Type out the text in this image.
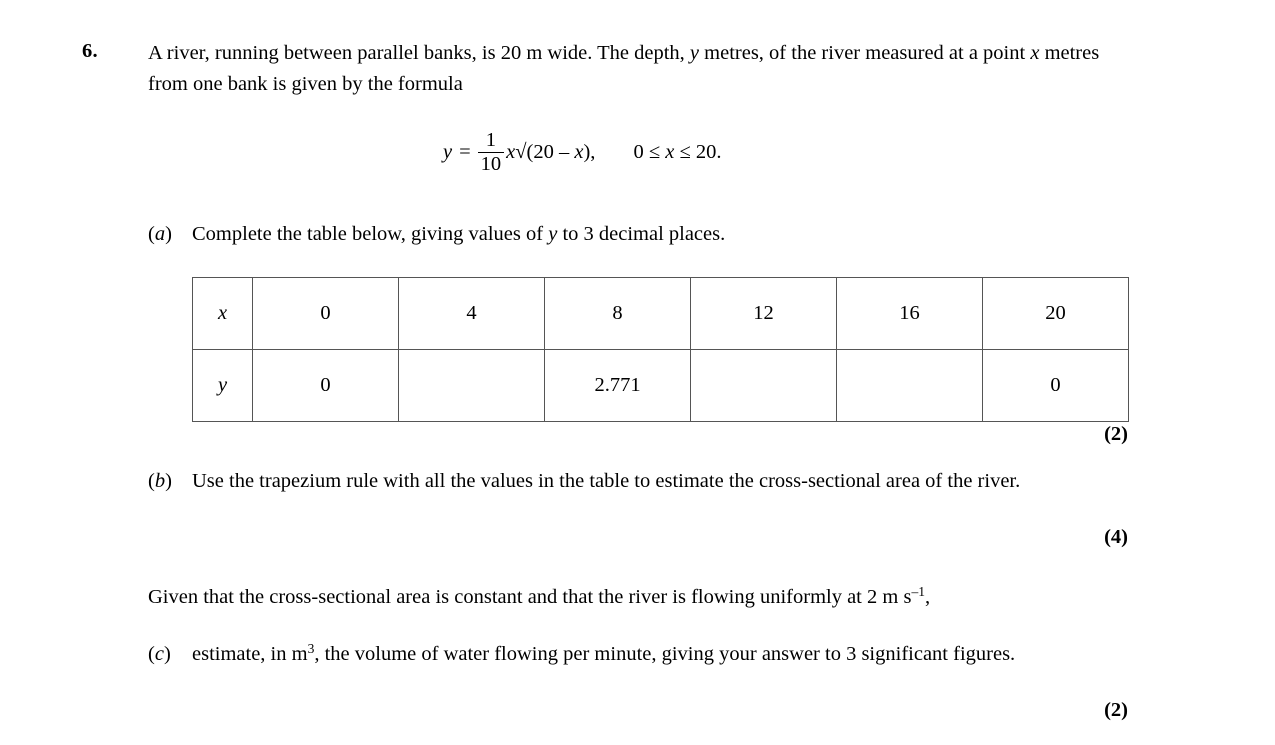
6. A river, running between parallel banks, is 20 m wide. The depth, y metres, of the river measured at a point x metres from one bank is given by the formula
$y = \frac{1}{10}$ x √ (20 – x), 0 ≤ x ≤ 20.
(a) Complete the table below, giving values of y to 3 decimal places.
x	0	4	8	12	16	20
y	0		2.771			0
(2)
(b) Use the trapezium rule with all the values in the table to estimate the cross-sectional area of the river.
(4)
Given that the cross-sectional area is constant and that the river is flowing uniformly at 2 m $s^{-1}$,
(c)	estimate, in $m^3$, the volume of water flowing per minute, giving your answer to 3 significant figures.
(2)
